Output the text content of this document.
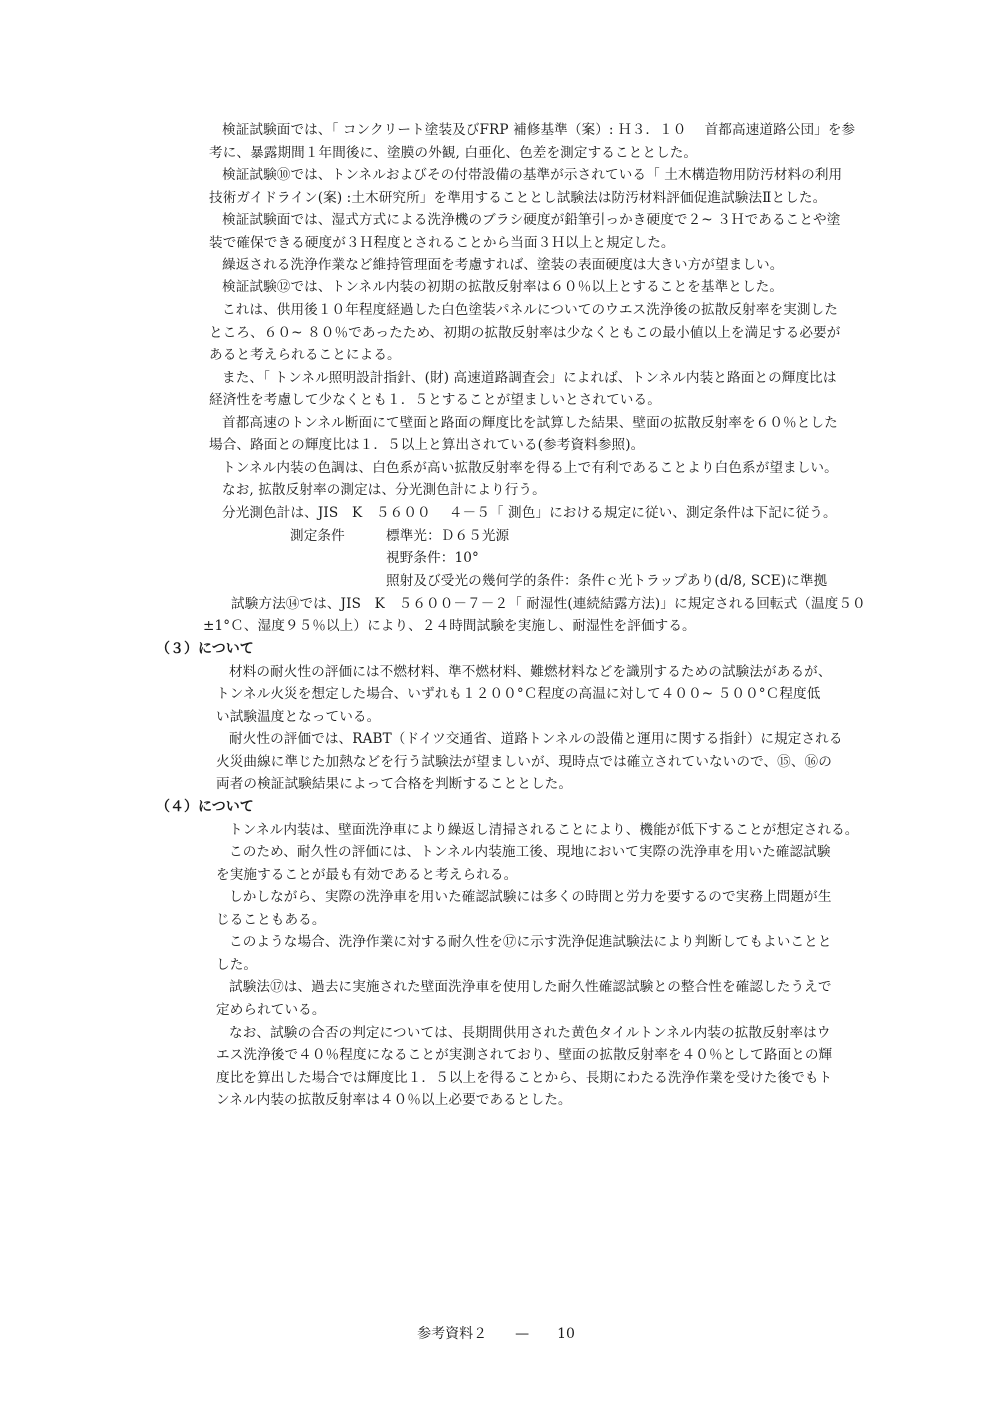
検証試験面では、「 コンクリート塗装及びFRP 補修基準（案）: Ｈ３．１０　 首都高速道路公団」を参
考に、暴露期間１年間後に、塗膜の外観, 白亜化、色差を測定することとした。
検証試験⑩では、トンネルおよびその付帯設備の基準が示されている「 土木構造物用防汚材料の利用
技術ガイドライン(案) :土木研究所」を準用することとし試験法は防汚材料評価促進試験法Ⅱとした。
検証試験面では、湿式方式による洗浄機のブラシ硬度が鉛筆引っかき硬度で２~ ３Ｈであることや塗
装で確保できる硬度が３Ｈ程度とされることから当面３Ｈ以上と規定した。
繰返される洗浄作業など維持管理面を考慮すれば、塗装の表面硬度は大きい方が望ましい。
検証試験⑫では、トンネル内装の初期の拡散反射率は６０％以上とすることを基準とした。
これは、供用後１０年程度経過した白色塗装パネルについてのウエス洗浄後の拡散反射率を実測した
ところ、６０~ ８０％であったため、初期の拡散反射率は少なくともこの最小値以上を満足する必要が
あると考えられることによる。
また、「 トンネル照明設計指針、(財) 高速道路調査会」によれば、トンネル内装と路面との輝度比は
経済性を考慮して少なくとも１．５とすることが望ましいとされている。
首都高速のトンネル断面にて壁面と路面の輝度比を試算した結果、壁面の拡散反射率を６０％とした
場合、路面との輝度比は１．５以上と算出されている(参考資料参照)。
トンネル内装の色調は、白色系が高い拡散反射率を得る上で有利であることより白色系が望ましい。
なお, 拡散反射率の測定は、分光測色計により行う。
分光測色計は、JIS　K　５６００　 ４－５「 測色」における規定に従い、測定条件は下記に従う。
測定条件	標準光：Ｄ６５光源
視野条件：10°
照射及び受光の幾何学的条件：条件ｃ光トラップあり(d/8, SCE)に準拠
試験方法⑭では、JIS　K　５６００－７－２「 耐湿性(連続結露方法)」に規定される回転式（温度５０
±1°Ｃ、湿度９５％以上）により、２４時間試験を実施し、耐湿性を評価する。
（３）について
材料の耐火性の評価には不燃材料、準不燃材料、難燃材料などを識別するための試験法があるが、
トンネル火災を想定した場合、いずれも１２００°Ｃ程度の高温に対して４００~ ５００°Ｃ程度低
い試験温度となっている。
耐火性の評価では、RABT（ドイツ交通省、道路トンネルの設備と運用に関する指針）に規定される
火災曲線に準じた加熱などを行う試験法が望ましいが、現時点では確立されていないので、⑮、⑯の
両者の検証試験結果によって合格を判断することとした。
（４）について
トンネル内装は、壁面洗浄車により繰返し清掃されることにより、機能が低下することが想定される。
このため、耐久性の評価には、トンネル内装施工後、現地において実際の洗浄車を用いた確認試験
を実施することが最も有効であると考えられる。
しかしながら、実際の洗浄車を用いた確認試験には多くの時間と労力を要するので実務上問題が生
じることもある。
このような場合、洗浄作業に対する耐久性を⑰に示す洗浄促進試験法により判断してもよいことと
した。
試験法⑰は、過去に実施された壁面洗浄車を使用した耐久性確認試験との整合性を確認したうえで
定められている。
なお、試験の合否の判定については、長期間供用された黄色タイルトンネル内装の拡散反射率はウ
エス洗浄後で４０％程度になることが実測されており、壁面の拡散反射率を４０％として路面との輝
度比を算出した場合では輝度比１．５以上を得ることから、長期にわたる洗浄作業を受けた後でもト
ンネル内装の拡散反射率は４０％以上必要であるとした。
参考資料２　　 —　　 10
